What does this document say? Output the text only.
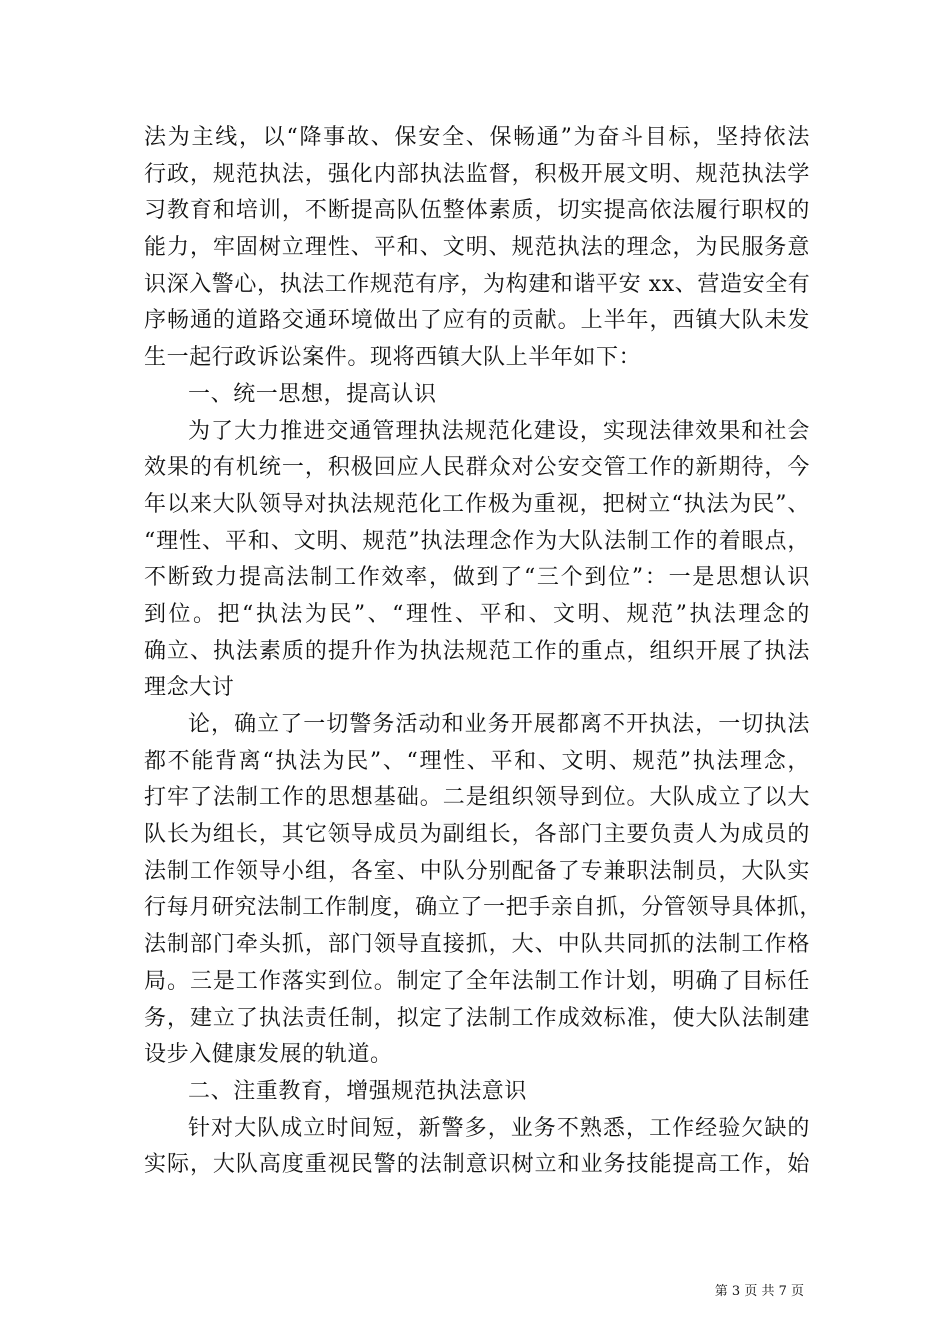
法为主线，以“降事故、保安全、保畅通”为奋斗目标，坚持依法
行政，规范执法，强化内部执法监督，积极开展文明、规范执法学
习教育和培训，不断提高队伍整体素质，切实提高依法履行职权的
能力，牢固树立理性、平和、文明、规范执法的理念，为民服务意
识深入警心，执法工作规范有序，为构建和谐平安 xx、营造安全有
序畅通的道路交通环境做出了应有的贡献。上半年，西镇大队未发
生一起行政诉讼案件。现将西镇大队上半年如下：
一、统一思想，提高认识
为了大力推进交通管理执法规范化建设，实现法律效果和社会
效果的有机统一，积极回应人民群众对公安交管工作的新期待，今
年以来大队领导对执法规范化工作极为重视，把树立“执法为民”、
“理性、平和、文明、规范”执法理念作为大队法制工作的着眼点，
不断致力提高法制工作效率，做到了“三个到位”：一是思想认识
到位。把“执法为民”、“理性、平和、文明、规范”执法理念的
确立、执法素质的提升作为执法规范工作的重点，组织开展了执法
理念大讨
论，确立了一切警务活动和业务开展都离不开执法，一切执法
都不能背离“执法为民”、“理性、平和、文明、规范”执法理念，
打牢了法制工作的思想基础。二是组织领导到位。大队成立了以大
队长为组长，其它领导成员为副组长，各部门主要负责人为成员的
法制工作领导小组，各室、中队分别配备了专兼职法制员，大队实
行每月研究法制工作制度，确立了一把手亲自抓，分管领导具体抓，
法制部门牵头抓，部门领导直接抓，大、中队共同抓的法制工作格
局。三是工作落实到位。制定了全年法制工作计划，明确了目标任
务，建立了执法责任制，拟定了法制工作成效标准，使大队法制建
设步入健康发展的轨道。
二、注重教育，增强规范执法意识
针对大队成立时间短，新警多，业务不熟悉，工作经验欠缺的
实际，大队高度重视民警的法制意识树立和业务技能提高工作，始
第 3 页 共 7 页
